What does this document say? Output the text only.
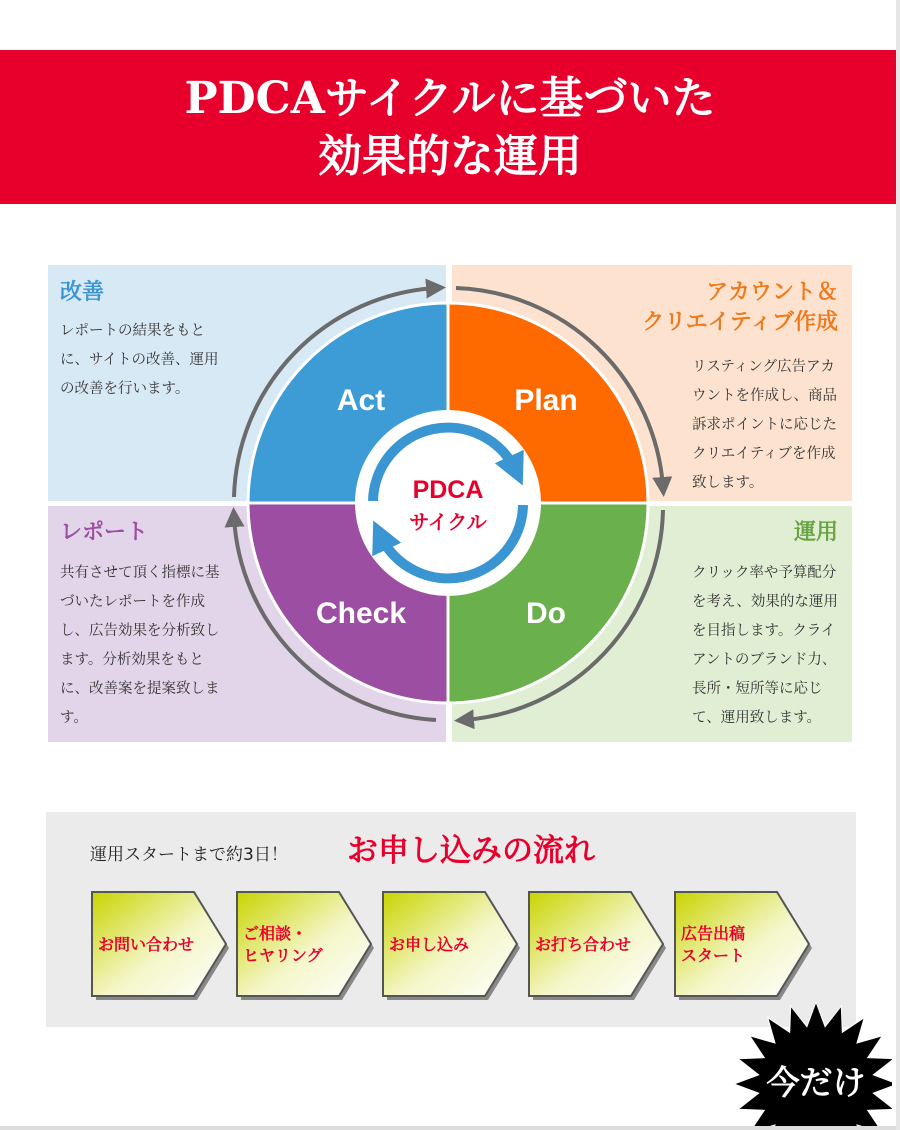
PDCAサイクルに基づいた
効果的な運用
改善
レポートの結果をもとに、サイトの改善、運用の改善を行います。
アカウント＆
クリエイティブ作成
リスティング広告アカウントを作成し、商品訴求ポイントに応じたクリエイティブを作成致します。
レポート
共有させて頂く指標に基づいたレポートを作成し、広告効果を分析致します。分析効果をもとに、改善案を提案致します。
運用
クリック率や予算配分を考え、効果的な運用を目指します。クライアントのブランド力、長所・短所等に応じて、運用致します。
Act	Plan
Check	Do
PDCA
サイクル
運用スタートまで約3日！ お申し込みの流れ
お問い合わせ
ご相談・
ヒヤリング
お申し込み	お打ち合わせ
広告出稿
スタート
今だけ
